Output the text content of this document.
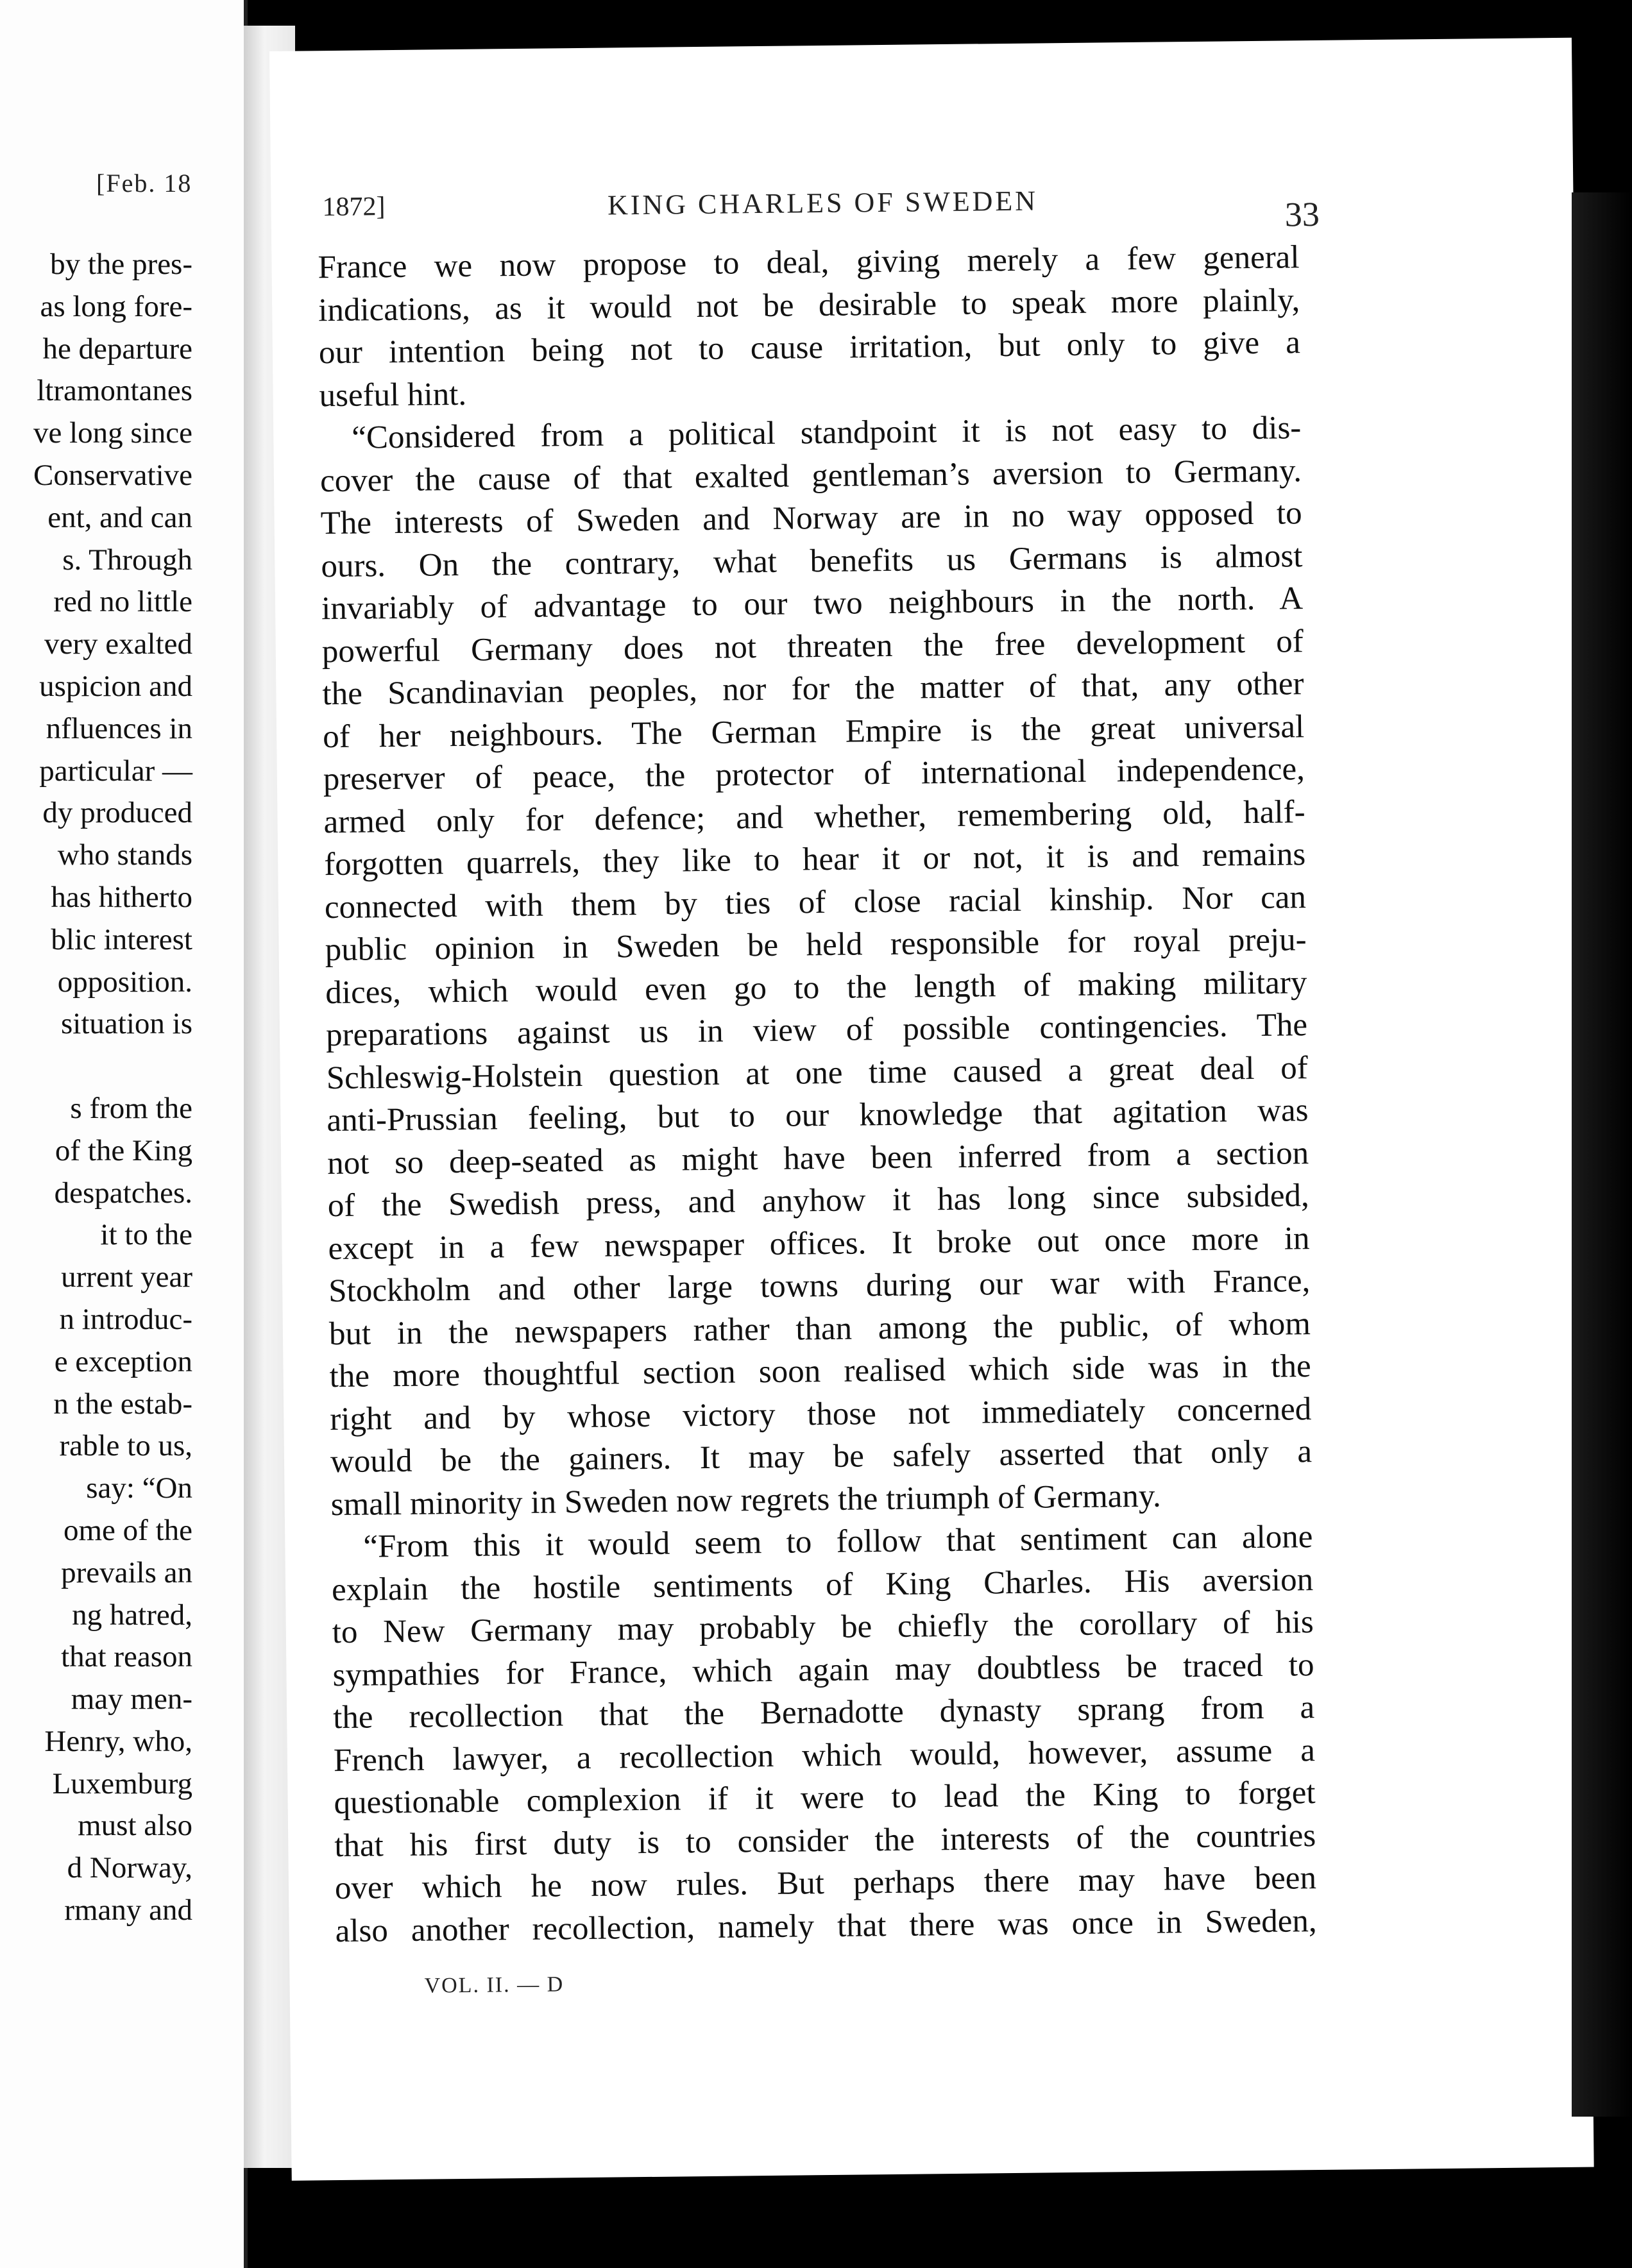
[Feb. 18
by the pres-
as long fore-
he departure
ltramontanes
ve long since
Conservative
ent, and can
s. Through
red no little
very exalted
uspicion and
nfluences in
particular —
dy produced
who stands
has hitherto
blic interest
opposition.
situation is
s from the
of the King
despatches.
it to the
urrent year
n introduc-
e exception
n the estab-
rable to us,
say: “On
ome of the
prevails an
ng hatred,
that reason
may men-
Henry, who,
Luxemburg
must also
d Norway,
rmany and
1872]	KING CHARLES OF SWEDEN	33
France we now propose to deal, giving merely a few general
indications, as it would not be desirable to speak more plainly,
our intention being not to cause irritation, but only to give a
useful hint.
“Considered from a political standpoint it is not easy to dis-
cover the cause of that exalted gentleman’s aversion to Germany.
The interests of Sweden and Norway are in no way opposed to
ours. On the contrary, what benefits us Germans is almost
invariably of advantage to our two neighbours in the north. A
powerful Germany does not threaten the free development of
the Scandinavian peoples, nor for the matter of that, any other
of her neighbours. The German Empire is the great universal
preserver of peace, the protector of international independence,
armed only for defence; and whether, remembering old, half-
forgotten quarrels, they like to hear it or not, it is and remains
connected with them by ties of close racial kinship. Nor can
public opinion in Sweden be held responsible for royal preju-
dices, which would even go to the length of making military
preparations against us in view of possible contingencies. The
Schleswig-Holstein question at one time caused a great deal of
anti-Prussian feeling, but to our knowledge that agitation was
not so deep-seated as might have been inferred from a section
of the Swedish press, and anyhow it has long since subsided,
except in a few newspaper offices. It broke out once more in
Stockholm and other large towns during our war with France,
but in the newspapers rather than among the public, of whom
the more thoughtful section soon realised which side was in the
right and by whose victory those not immediately concerned
would be the gainers. It may be safely asserted that only a
small minority in Sweden now regrets the triumph of Germany.
“From this it would seem to follow that sentiment can alone
explain the hostile sentiments of King Charles. His aversion
to New Germany may probably be chiefly the corollary of his
sympathies for France, which again may doubtless be traced to
the recollection that the Bernadotte dynasty sprang from a
French lawyer, a recollection which would, however, assume a
questionable complexion if it were to lead the King to forget
that his first duty is to consider the interests of the countries
over which he now rules. But perhaps there may have been
also another recollection, namely that there was once in Sweden,
VOL. II. — D
